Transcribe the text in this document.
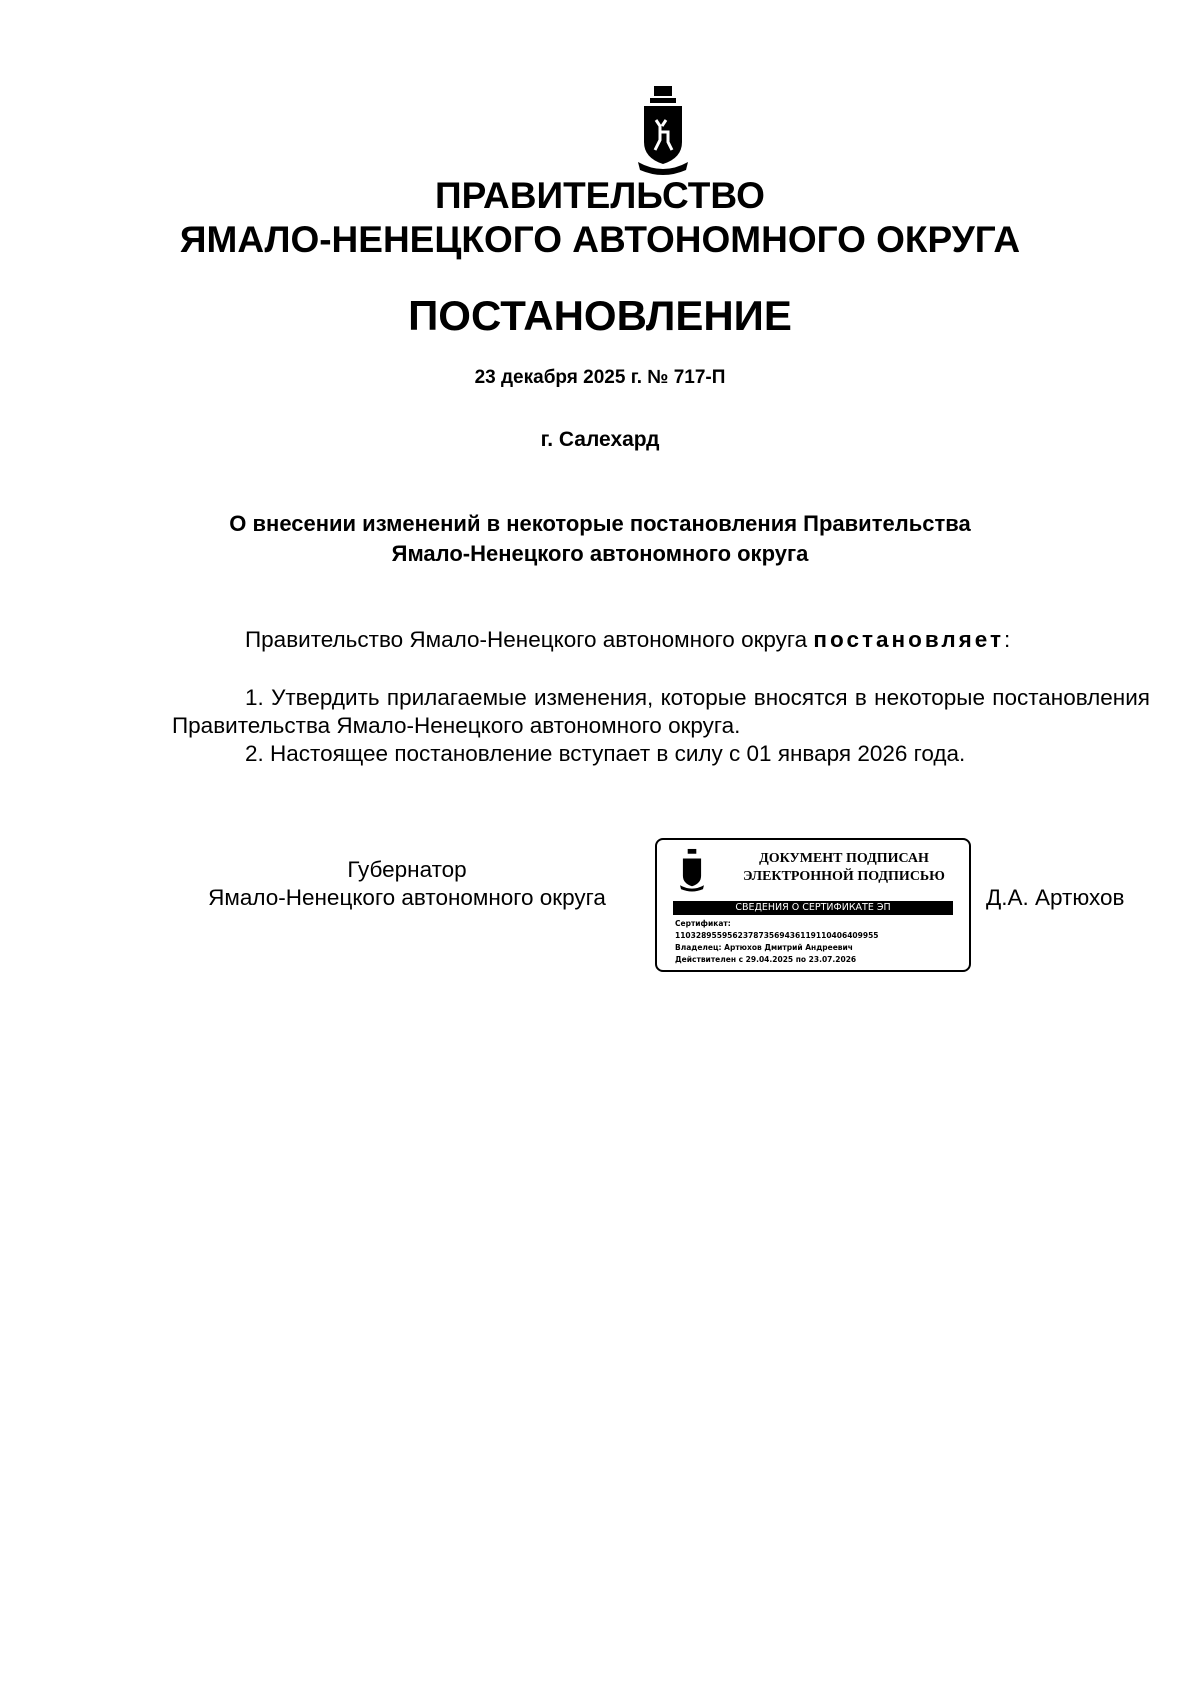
ПРАВИТЕЛЬСТВО
ЯМАЛО-НЕНЕЦКОГО АВТОНОМНОГО ОКРУГА
ПОСТАНОВЛЕНИЕ
23 декабря 2025 г. № 717-П
г. Салехард
О внесении изменений в некоторые постановления Правительства
Ямало-Ненецкого автономного округа
Правительство Ямало-Ненецкого автономного округа постановляет:
1. Утвердить прилагаемые изменения, которые вносятся в некоторые постановления Правительства Ямало-Ненецкого автономного округа.
2. Настоящее постановление вступает в силу с 01 января 2026 года.
Губернатор
Ямало-Ненецкого автономного округа
ДОКУМЕНТ ПОДПИСАН
ЭЛЕКТРОННОЙ ПОДПИСЬЮ
СВЕДЕНИЯ О СЕРТИФИКАТЕ ЭП
Сертификат:
110328955956237873569436119110406409955
Владелец: Артюхов Дмитрий Андреевич
Действителен с 29.04.2025 по 23.07.2026
Д.А. Артюхов
